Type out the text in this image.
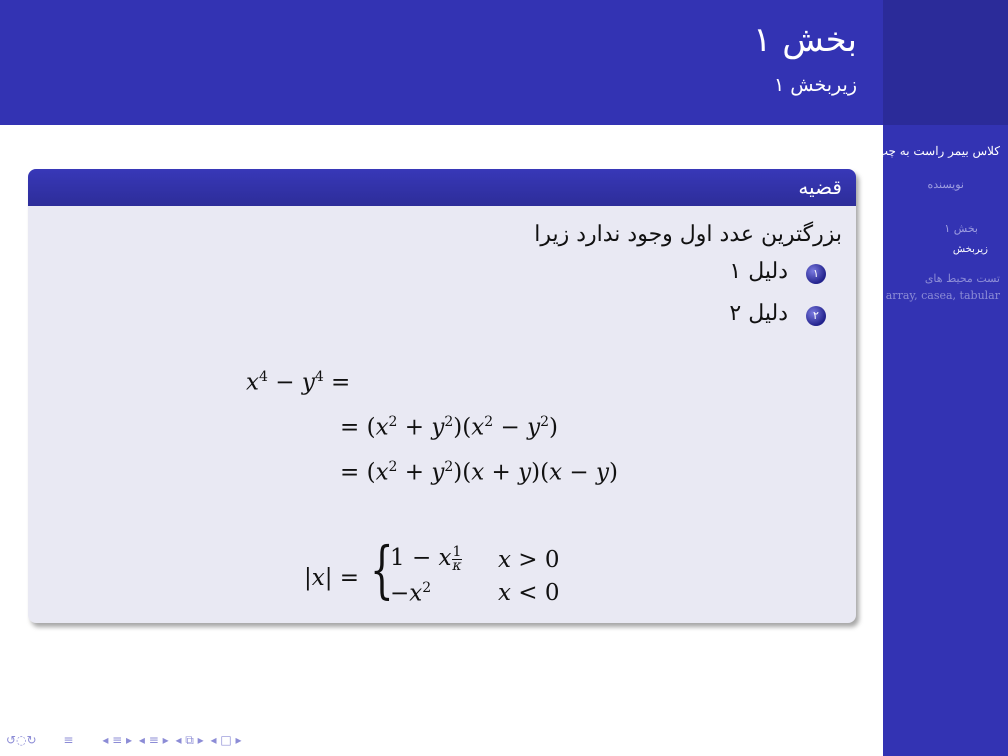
بخش ۱
زیربخش ۱
کلاس بیمر راست به چپ
نویسنده
بخش ۱
زیربخش
تست محیط های
array, casea, tabular
قضیه
بزرگترین عدد اول وجود ندارد زیرا
۱
دلیل ۱
۲
دلیل ۲
$x^4 - y^4$ =
= $(x^2 + y^2)(x^2 - y^2)$
= $(x^2 + y^2)(x + y)(x - y)$
|x| = {
1 − x $\frac{1}{\kappa}$ x > 0
$-x^2$	x < 0
↺◌↻ ≡ ◂ ≡ ▸ ◂ ≡ ▸ ◂ ⧉ ▸ ◂ □ ▸
